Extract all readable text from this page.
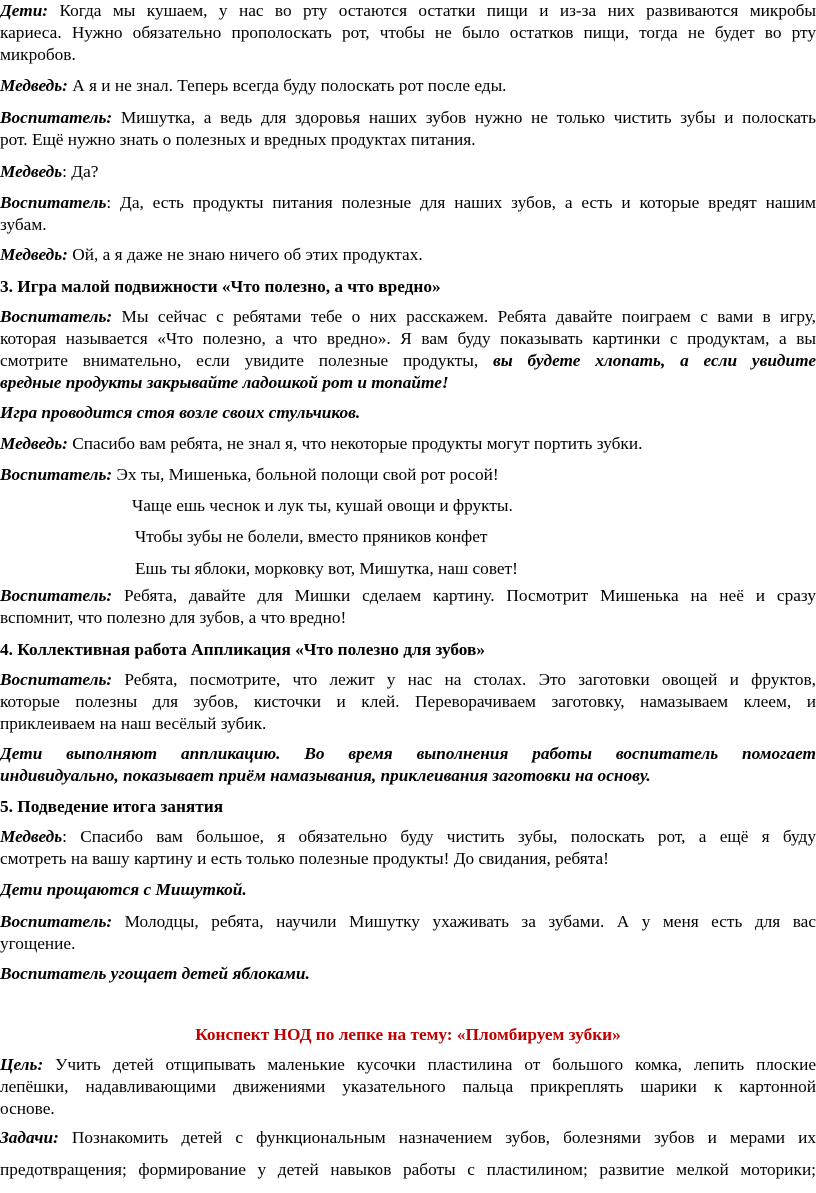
Дети: Когда мы кушаем, у нас во рту остаются остатки пищи и из-за них развиваются микробы
кариеса. Нужно обязательно прополоскать рот, чтобы не было остатков пищи, тогда не будет во рту
микробов.
Медведь: А я и не знал. Теперь всегда буду полоскать рот после еды.
Воспитатель: Мишутка, а ведь для здоровья наших зубов нужно не только чистить зубы и полоскать
рот. Ещё нужно знать о полезных и вредных продуктах питания.
Медведь: Да?
Воспитатель: Да, есть продукты питания полезные для наших зубов, а есть и которые вредят нашим
зубам.
Медведь: Ой, а я даже не знаю ничего об этих продуктах.
3. Игра малой подвижности «Что полезно, а что вредно»
Воспитатель: Мы сейчас с ребятами тебе о них расскажем. Ребята давайте поиграем с вами в игру,
которая называется «Что полезно, а что вредно». Я вам буду показывать картинки с продуктам, а вы
смотрите внимательно, если увидите полезные продукты, вы будете хлопать, а если увидите
вредные продукты закрывайте ладошкой рот и топайте!
Игра проводится стоя возле своих стульчиков.
Медведь: Спасибо вам ребята, не знал я, что некоторые продукты могут портить зубки.
Воспитатель: Эх ты, Мишенька, больной полощи свой рот росой!
Чаще ешь чеснок и лук ты, кушай овощи и фрукты.
Чтобы зубы не болели, вместо пряников конфет
Ешь ты яблоки, морковку вот, Мишутка, наш совет!
Воспитатель: Ребята, давайте для Мишки сделаем картину. Посмотрит Мишенька на неё и сразу
вспомнит, что полезно для зубов, а что вредно!
4. Коллективная работа Аппликация «Что полезно для зубов»
Воспитатель: Ребята, посмотрите, что лежит у нас на столах. Это заготовки овощей и фруктов,
которые полезны для зубов, кисточки и клей. Переворачиваем заготовку, намазываем клеем, и
приклеиваем на наш весёлый зубик.
Дети выполняют аппликацию. Во время выполнения работы воспитатель помогает
индивидуально, показывает приём намазывания, приклеивания заготовки на основу.
5. Подведение итога занятия
Медведь: Спасибо вам большое, я обязательно буду чистить зубы, полоскать рот, а ещё я буду
смотреть на вашу картину и есть только полезные продукты! До свидания, ребята!
Дети прощаются с Мишуткой.
Воспитатель: Молодцы, ребята, научили Мишутку ухаживать за зубами. А у меня есть для вас
угощение.
Воспитатель угощает детей яблоками.
Конспект НОД по лепке на тему: «Пломбируем зубки»
Цель: Учить детей отщипывать маленькие кусочки пластилина от большого комка, лепить плоские
лепёшки, надавливающими движениями указательного пальца прикреплять шарики к картонной
основе.
Задачи: Познакомить детей с функциональным назначением зубов, болезнями зубов и мерами их
предотвращения; формирование у детей навыков работы с пластилином; развитие мелкой моторики;
